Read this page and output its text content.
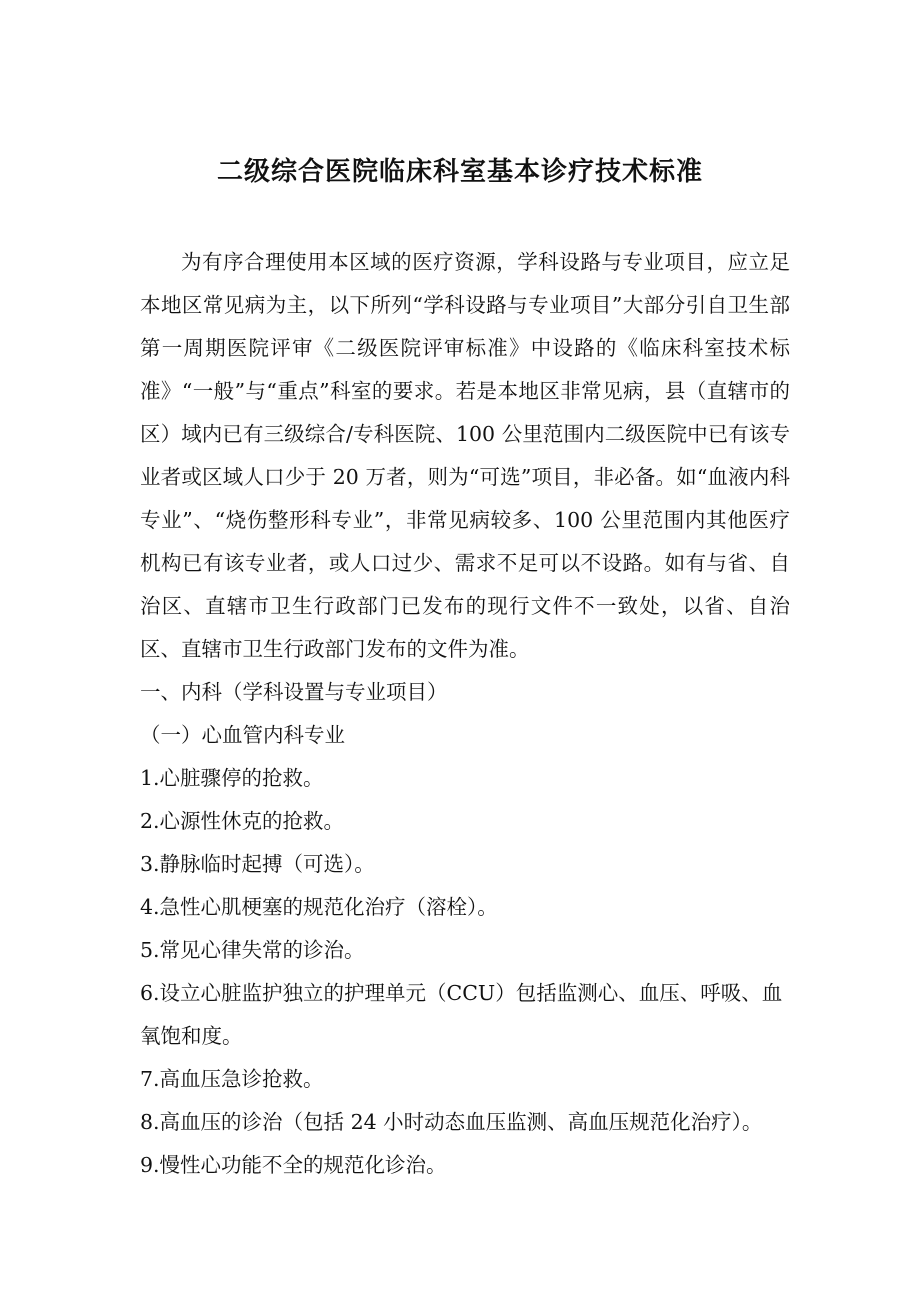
二级综合医院临床科室基本诊疗技术标准

为有序合理使用本区域的医疗资源，学科设路与专业项目，应立足本地区常见病为主，以下所列“学科设路与专业项目”大部分引自卫生部第一周期医院评审《二级医院评审标准》中设路的《临床科室技术标准》“一般”与“重点”科室的要求。若是本地区非常见病，县（直辖市的区）域内已有三级综合/专科医院、100 公里范围内二级医院中已有该专业者或区域人口少于 20 万者，则为“可选”项目，非必备。如“血液内科专业”、“烧伤整形科专业”，非常见病较多、100 公里范围内其他医疗机构已有该专业者，或人口过少、需求不足可以不设路。如有与省、自治区、直辖市卫生行政部门已发布的现行文件不一致处，以省、自治区、直辖市卫生行政部门发布的文件为准。

一、内科（学科设置与专业项目）

（一）心血管内科专业

1.心脏骤停的抢救。

2.心源性休克的抢救。

3.静脉临时起搏（可选）。

4.急性心肌梗塞的规范化治疗（溶栓）。

5.常见心律失常的诊治。

6.设立心脏监护独立的护理单元（CCU）包括监测心、血压、呼吸、血氧饱和度。

7.高血压急诊抢救。

8.高血压的诊治（包括 24 小时动态血压监测、高血压规范化治疗）。

9.慢性心功能不全的规范化诊治。
